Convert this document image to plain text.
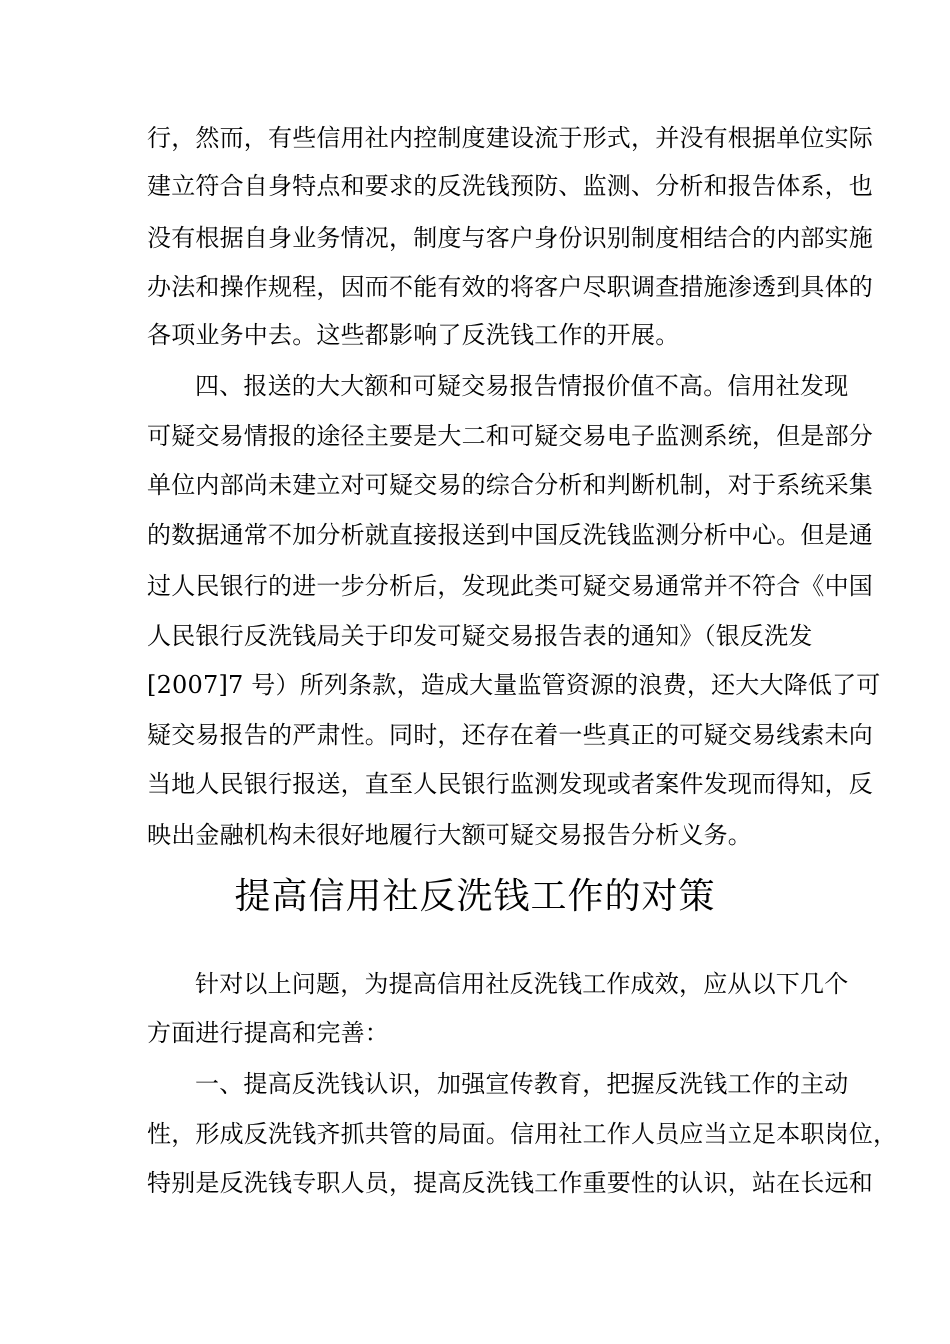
行，然而，有些信用社内控制度建设流于形式，并没有根据单位实际
建立符合自身特点和要求的反洗钱预防、监测、分析和报告体系，也
没有根据自身业务情况，制度与客户身份识别制度相结合的内部实施
办法和操作规程，因而不能有效的将客户尽职调查措施渗透到具体的
各项业务中去。这些都影响了反洗钱工作的开展。
四、报送的大大额和可疑交易报告情报价值不高。信用社发现
可疑交易情报的途径主要是大二和可疑交易电子监测系统，但是部分
单位内部尚未建立对可疑交易的综合分析和判断机制，对于系统采集
的数据通常不加分析就直接报送到中国反洗钱监测分析中心。但是通
过人民银行的进一步分析后，发现此类可疑交易通常并不符合《中国
人民银行反洗钱局关于印发可疑交易报告表的通知》（银反洗发
[2007]7 号）所列条款，造成大量监管资源的浪费，还大大降低了可
疑交易报告的严肃性。同时，还存在着一些真正的可疑交易线索未向
当地人民银行报送，直至人民银行监测发现或者案件发现而得知，反
映出金融机构未很好地履行大额可疑交易报告分析义务。
提高信用社反洗钱工作的对策
针对以上问题，为提高信用社反洗钱工作成效，应从以下几个
方面进行提高和完善：
一、提高反洗钱认识，加强宣传教育，把握反洗钱工作的主动
性，形成反洗钱齐抓共管的局面。信用社工作人员应当立足本职岗位，
特别是反洗钱专职人员，提高反洗钱工作重要性的认识，站在长远和
